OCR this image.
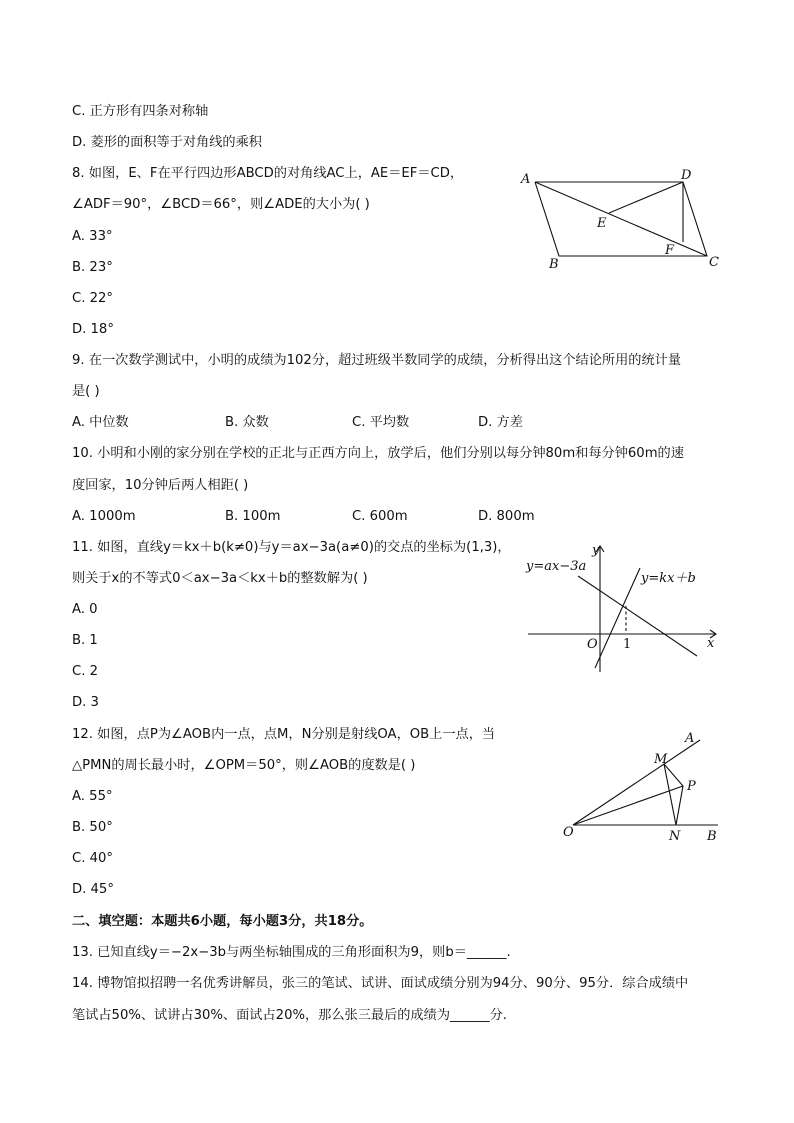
C. 正方形有四条对称轴
D. 菱形的面积等于对角线的乘积
8. 如图，E、F在平行四边形ABCD的对角线AC上，AE＝EF＝CD，
∠ADF＝90°，∠BCD＝66°，则∠ADE的大小为( )
A. 33°
B. 23°
C. 22°
D. 18°
A	D
E
F
B	C
9. 在一次数学测试中，小明的成绩为102分，超过班级半数同学的成绩，分析得出这个结论所用的统计量
是( )
A. 中位数	B. 众数	C. 平均数	D. 方差
10. 小明和小刚的家分别在学校的正北与正西方向上，放学后，他们分别以每分钟80m和每分钟60m的速
度回家，10分钟后两人相距( )
A. 1000m	B. 100m	C. 600m	D. 800m
11. 如图，直线y＝kx＋b(k≠0)与y＝ax−3a(a≠0)的交点的坐标为(1,3)，
则关于x的不等式0＜ax−3a＜kx＋b的整数解为( )
A. 0
B. 1
C. 2
D. 3
y
x
O 1
y=ax−3a
y=kx＋b
12. 如图，点P为∠AOB内一点，点M，N分别是射线OA，OB上一点，当
△PMN的周长最小时，∠OPM＝50°，则∠AOB的度数是( )
A. 55°
B. 50°
C. 40°
D. 45°
O
A
M
P
N B
二、填空题：本题共6小题，每小题3分，共18分。
13. 已知直线y＝−2x−3b与两坐标轴围成的三角形面积为9，则b＝______.
14. 博物馆拟招聘一名优秀讲解员，张三的笔试、试讲、面试成绩分别为94分、90分、95分．综合成绩中
笔试占50%、试讲占30%、面试占20%，那么张三最后的成绩为______分.
